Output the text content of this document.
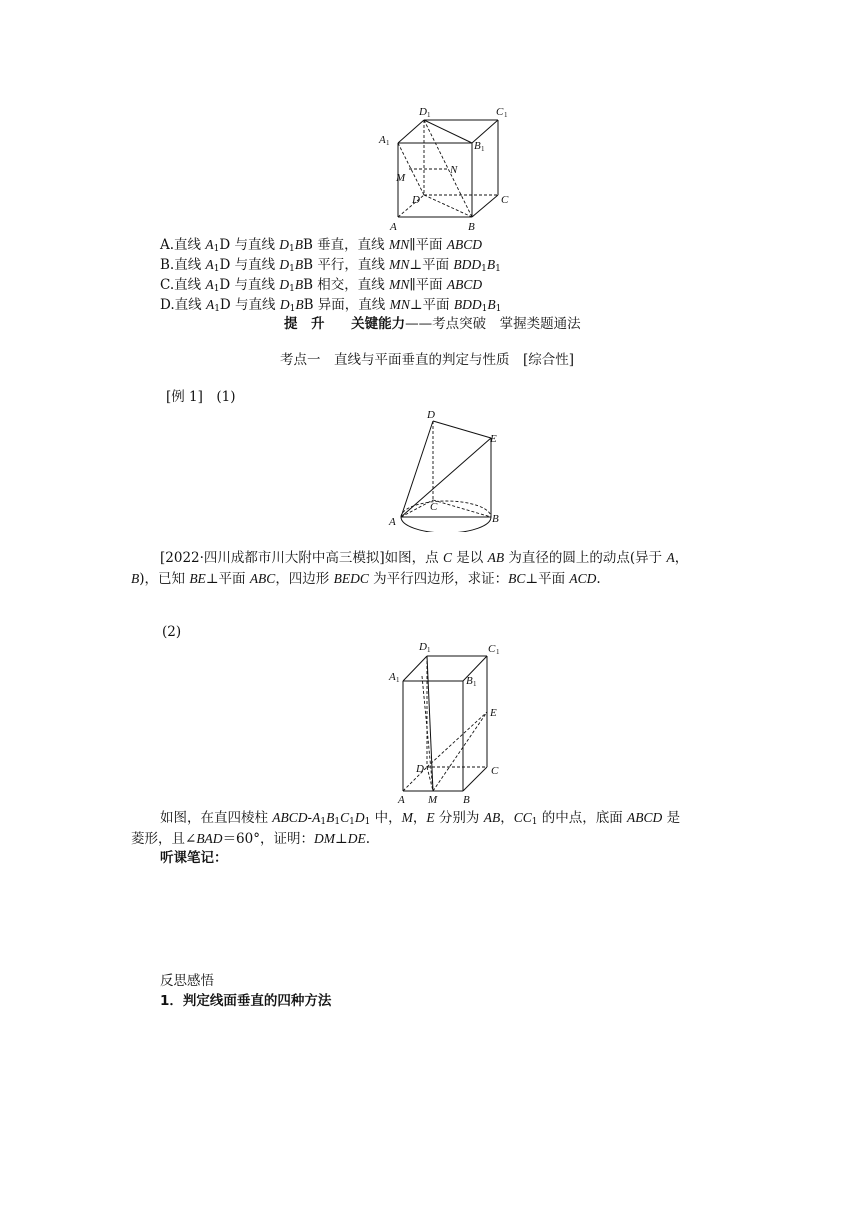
D 1	C 1
A 1	B 1
M
N
D	C
A	B
A.直线 $A_1D$ 与直线 $D_1BB$ 垂直，直线 MN∥平面 ABCD
B.直线 $A_1D$ 与直线 $D_1BB$ 平行，直线 MN⊥平面 $BDD_1B_1$
C.直线 $A_1D$ 与直线 $D_1BB$ 相交，直线 MN∥平面 ABCD
D.直线 $A_1D$ 与直线 $D_1BB$ 异面，直线 MN⊥平面 $BDD_1B_1$
提　升 关键能力——考点突破　掌握类题通法
考点一　直线与平面垂直的判定与性质　[综合性]
[例 1]　(1)
D
E
C
A	B
[2022·四川成都市川大附中高三模拟]如图，点 C 是以 AB 为直径的圆上的动点(异于 A，
B)，已知 BE⊥平面 ABC，四边形 BEDC 为平行四边形，求证：BC⊥平面 ACD.
(2)
D 1	C 1
A 1	B 1
E
D	C
A M B
如图，在直四棱柱 ABCD-$A_1B_1C_1D_1$ 中，M，E 分别为 AB，$CC_1$ 的中点，底面 ABCD 是
菱形，且∠BAD＝60°，证明：DM⊥DE.
听课笔记：
反思感悟
1．判定线面垂直的四种方法
